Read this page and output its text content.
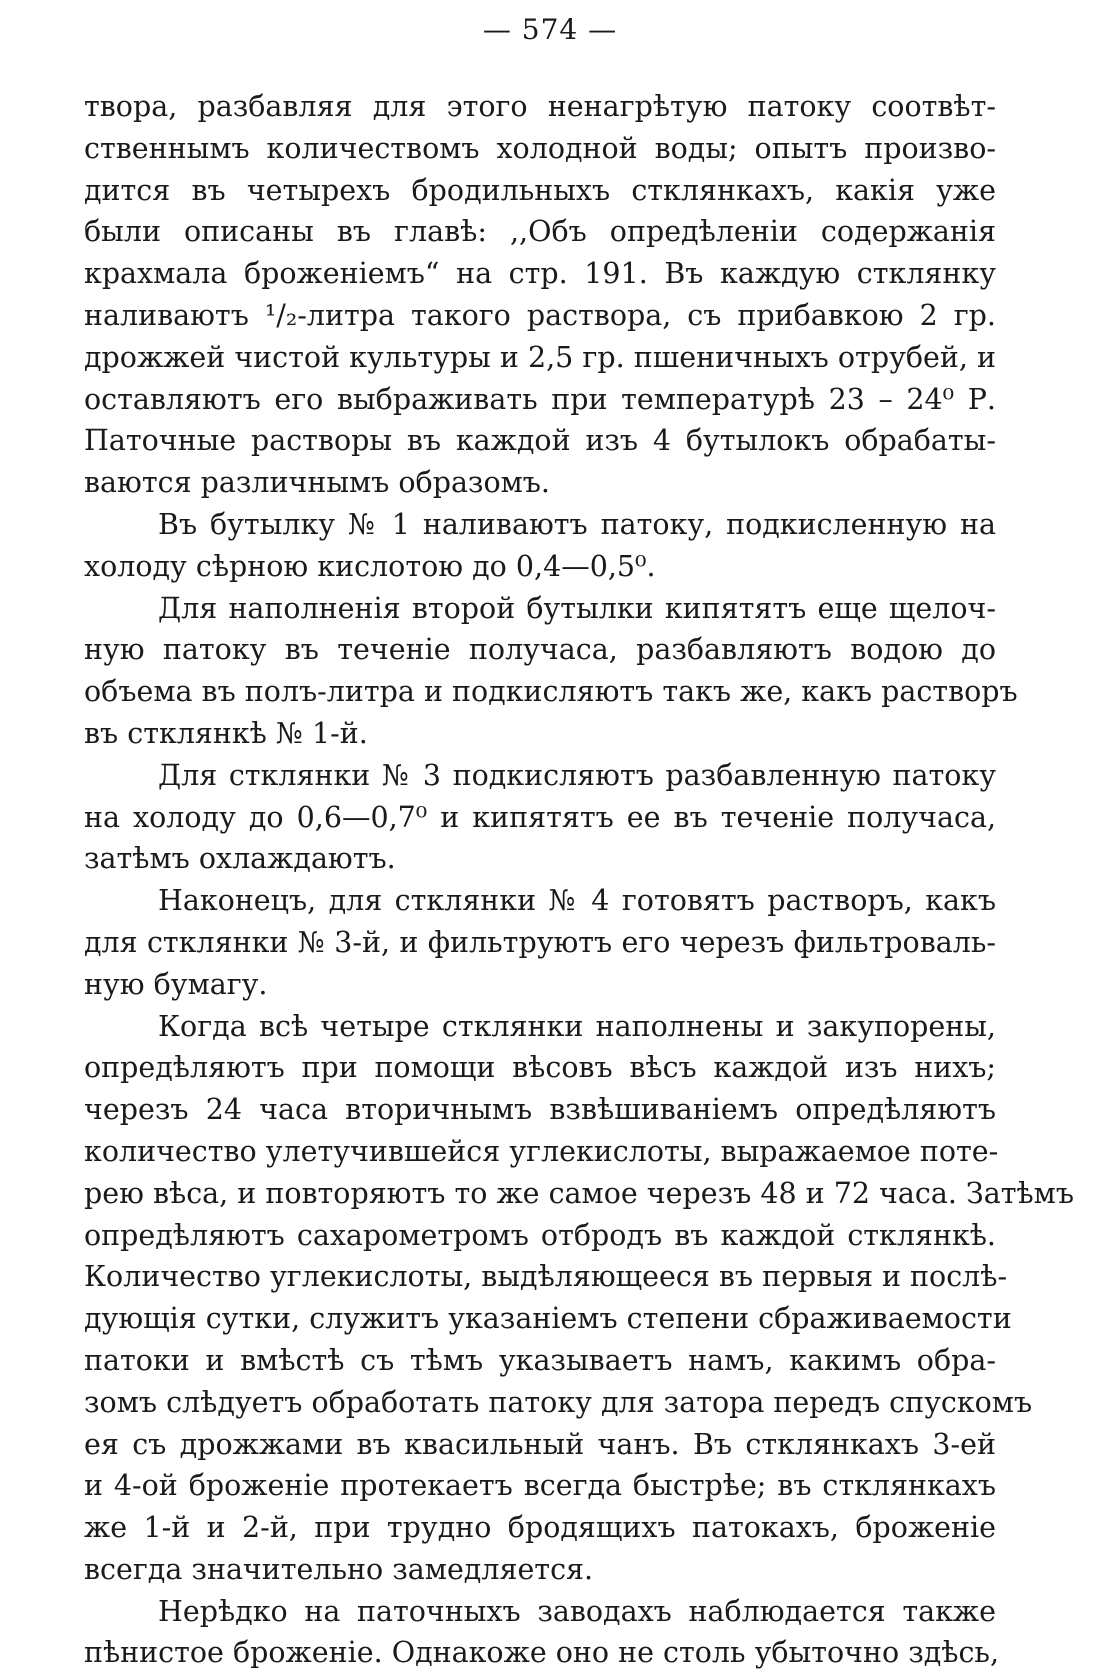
— 574 —
твора, разбавляя для этого ненагрѣтую патоку соотвѣт-
ственнымъ количествомъ холодной воды; опытъ произво-
дится въ четырехъ бродильныхъ стклянкахъ, какія уже
были описаны въ главѣ: ,,Объ опредѣленіи содержанія
крахмала броженіемъ“ на стр. 191. Въ каждую стклянку
наливаютъ ¹/₂-литра такого раствора, съ прибавкою 2 гр.
дрожжей чистой культуры и 2,5 гр. пшеничныхъ отрубей, и
оставляютъ его выбраживать при температурѣ 23 – 24⁰ Р.
Паточные растворы въ каждой изъ 4 бутылокъ обрабаты-
ваются различнымъ образомъ.
Въ бутылку № 1 наливаютъ патоку, подкисленную на
холоду сѣрною кислотою до 0,4—0,5⁰.
Для наполненія второй бутылки кипятятъ еще щелоч-
ную патоку въ теченіе получаса, разбавляютъ водою до
объема въ полъ-литра и подкисляютъ такъ же, какъ растворъ
въ стклянкѣ № 1-й.
Для стклянки № 3 подкисляютъ разбавленную патоку
на холоду до 0,6—0,7⁰ и кипятятъ ее въ теченіе получаса,
затѣмъ охлаждаютъ.
Наконецъ, для стклянки № 4 готовятъ растворъ, какъ
для стклянки № 3-й, и фильтруютъ его черезъ фильтроваль-
ную бумагу.
Когда всѣ четыре стклянки наполнены и закупорены,
опредѣляютъ при помощи вѣсовъ вѣсъ каждой изъ нихъ;
черезъ 24 часа вторичнымъ взвѣшиваніемъ опредѣляютъ
количество улетучившейся углекислоты, выражаемое поте-
рею вѣса, и повторяютъ то же самое черезъ 48 и 72 часа. Затѣмъ
опредѣляютъ сахарометромъ отбродъ въ каждой стклянкѣ.
Количество углекислоты, выдѣляющееся въ первыя и послѣ-
дующія сутки, служитъ указаніемъ степени сбраживаемости
патоки и вмѣстѣ съ тѣмъ указываетъ намъ, какимъ обра-
зомъ слѣдуетъ обработать патоку для затора передъ спускомъ
ея съ дрожжами въ квасильный чанъ. Въ стклянкахъ 3-ей
и 4-ой броженіе протекаетъ всегда быстрѣе; въ стклянкахъ
же 1-й и 2-й, при трудно бродящихъ патокахъ, броженіе
всегда значительно замедляется.
Нерѣдко на паточныхъ заводахъ наблюдается также
пѣнистое броженіе. Однакоже оно не столь убыточно здѣсь,
